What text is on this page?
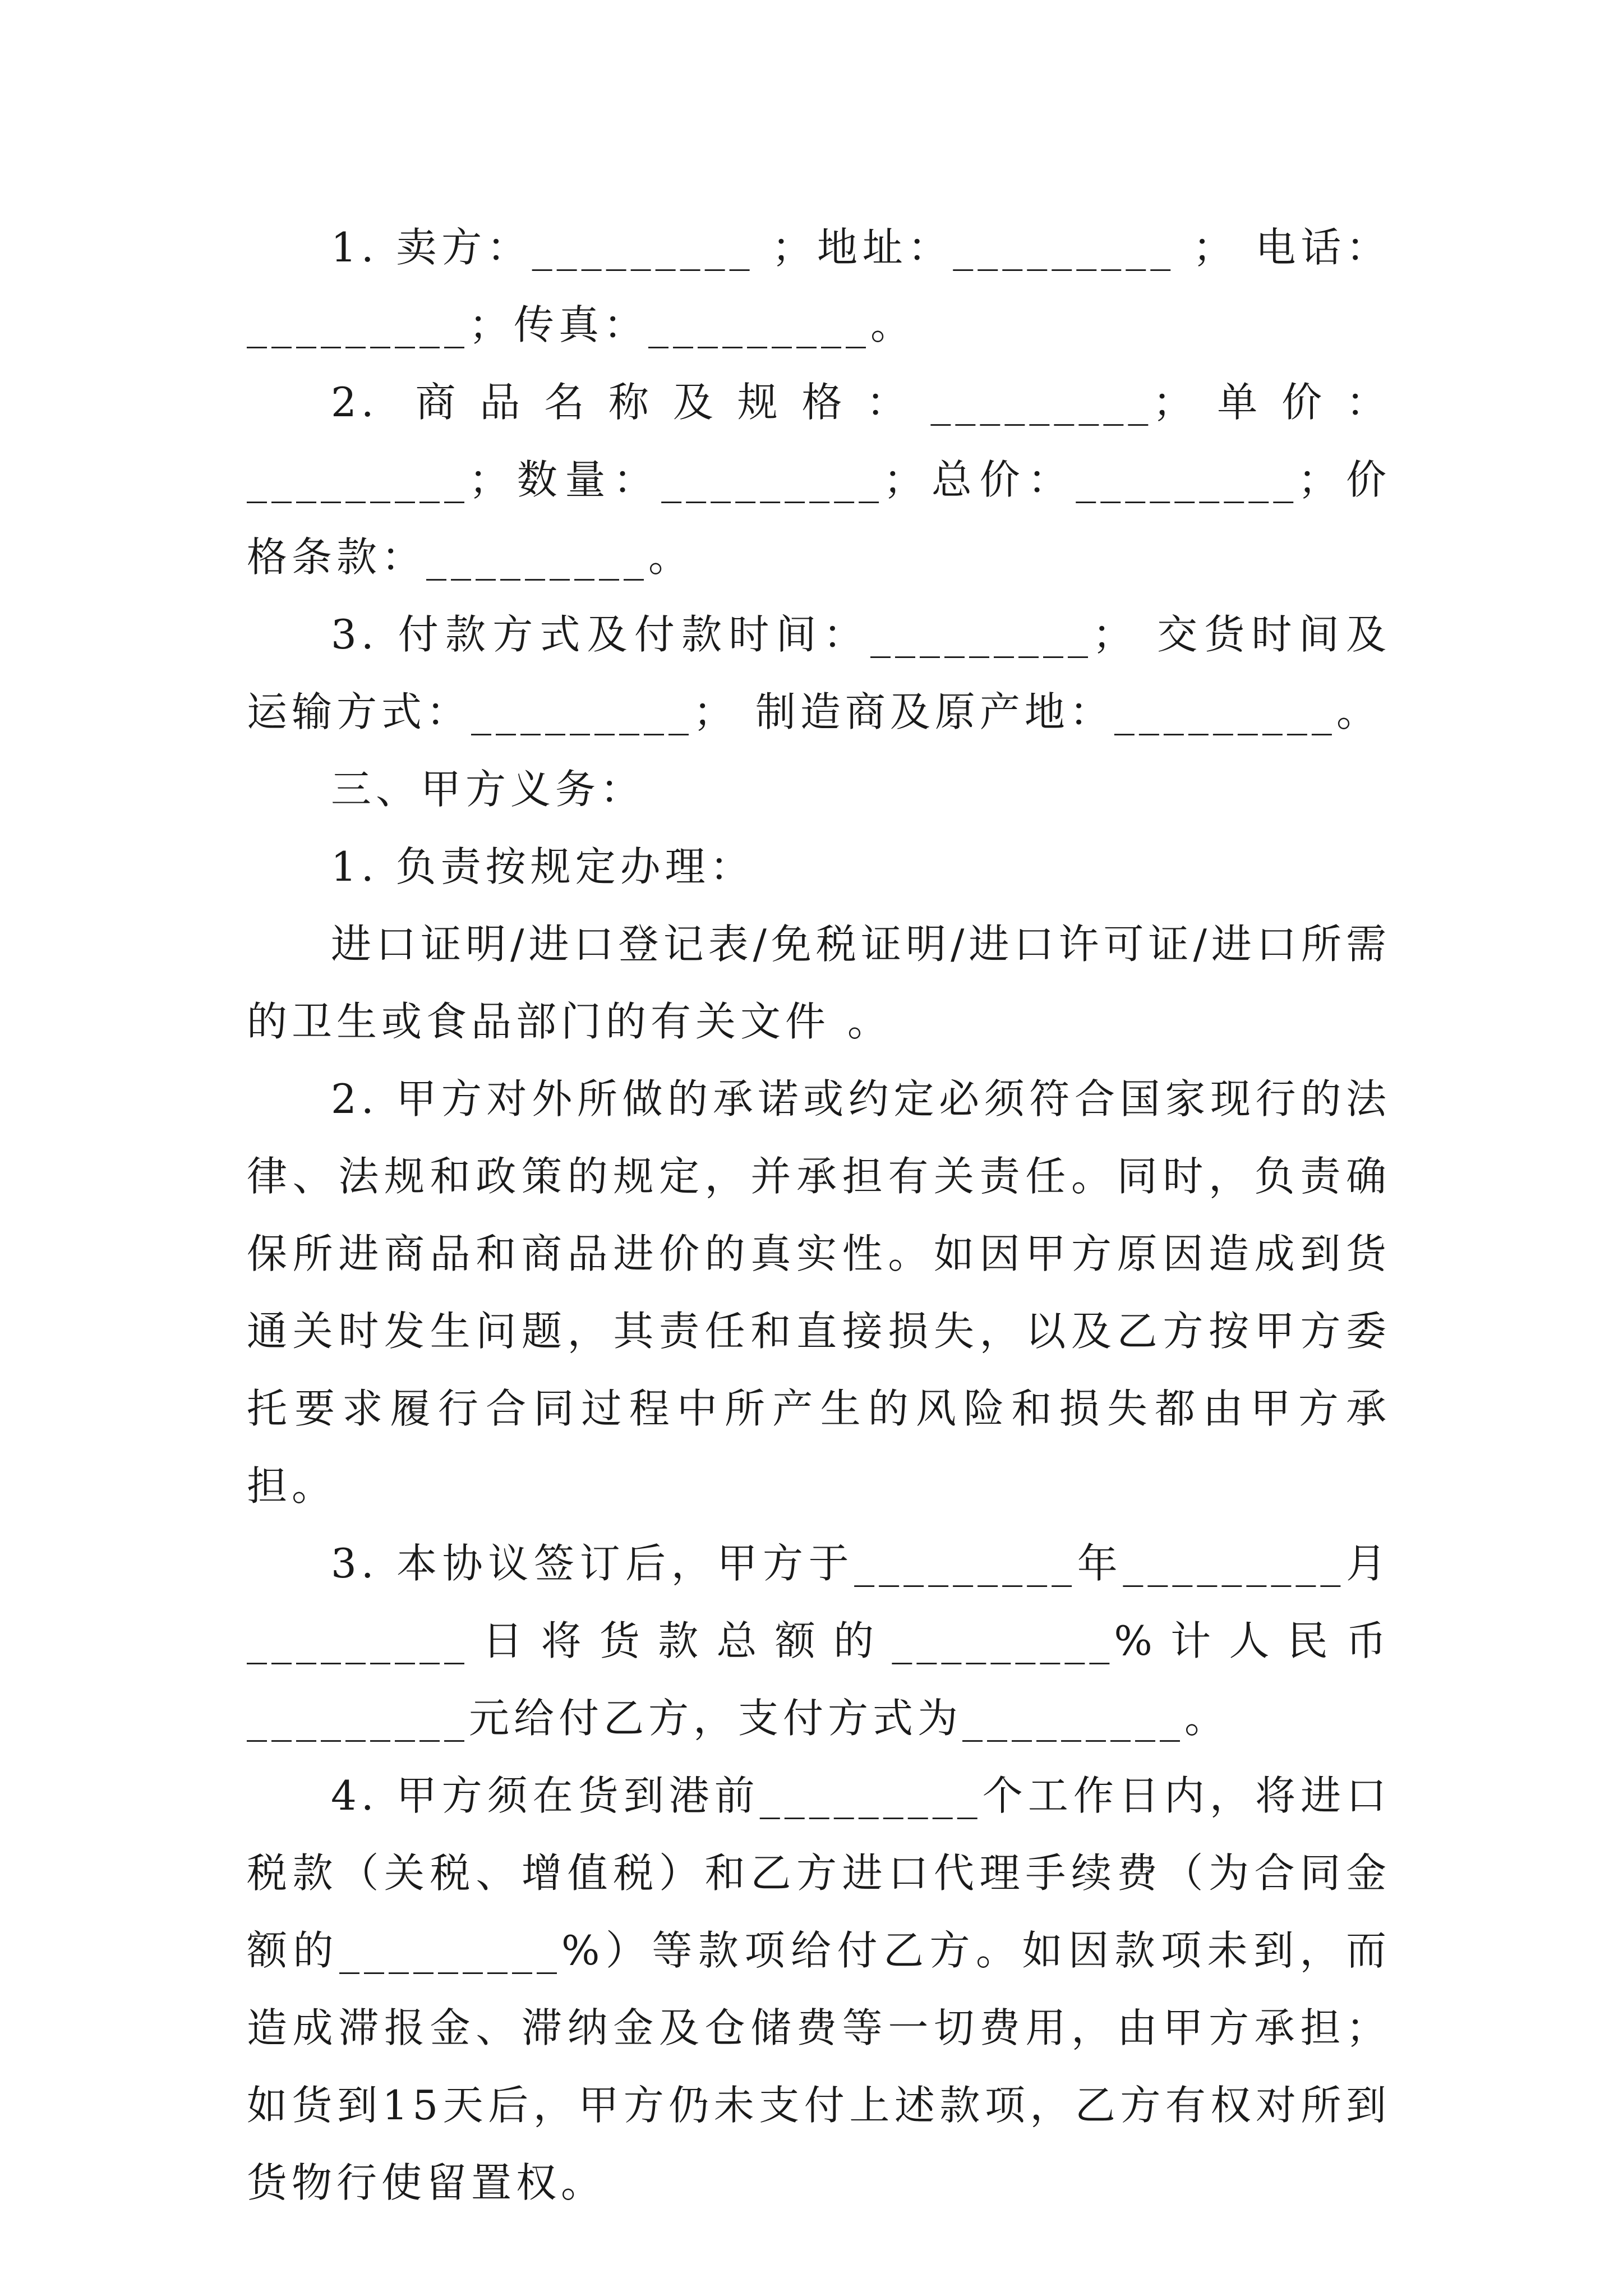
1. 卖方：_________ ；地址：_________ ； 电话：_________；传真：_________。

2. 商品名称及规格：_________；单价：_________；数量：_________；总价：_________；价格条款：_________。

3. 付款方式及付款时间：_________； 交货时间及运输方式：_________； 制造商及原产地：_________。

三、甲方义务：

1. 负责按规定办理：

进口证明/进口登记表/免税证明/进口许可证/进口所需的卫生或食品部门的有关文件 。

2. 甲方对外所做的承诺或约定必须符合国家现行的法律、法规和政策的规定，并承担有关责任。同时，负责确保所进商品和商品进价的真实性。如因甲方原因造成到货通关时发生问题，其责任和直接损失，以及乙方按甲方委托要求履行合同过程中所产生的风险和损失都由甲方承担。

3. 本协议签订后，甲方于_________年_________月_________日将货款总额的_________%计人民币_________元给付乙方，支付方式为_________。

4. 甲方须在货到港前_________个工作日内，将进口税款（关税、增值税）和乙方进口代理手续费（为合同金额的_________%）等款项给付乙方。如因款项未到，而造成滞报金、滞纳金及仓储费等一切费用，由甲方承担；如货到15天后，甲方仍未支付上述款项，乙方有权对所到货物行使留置权。
